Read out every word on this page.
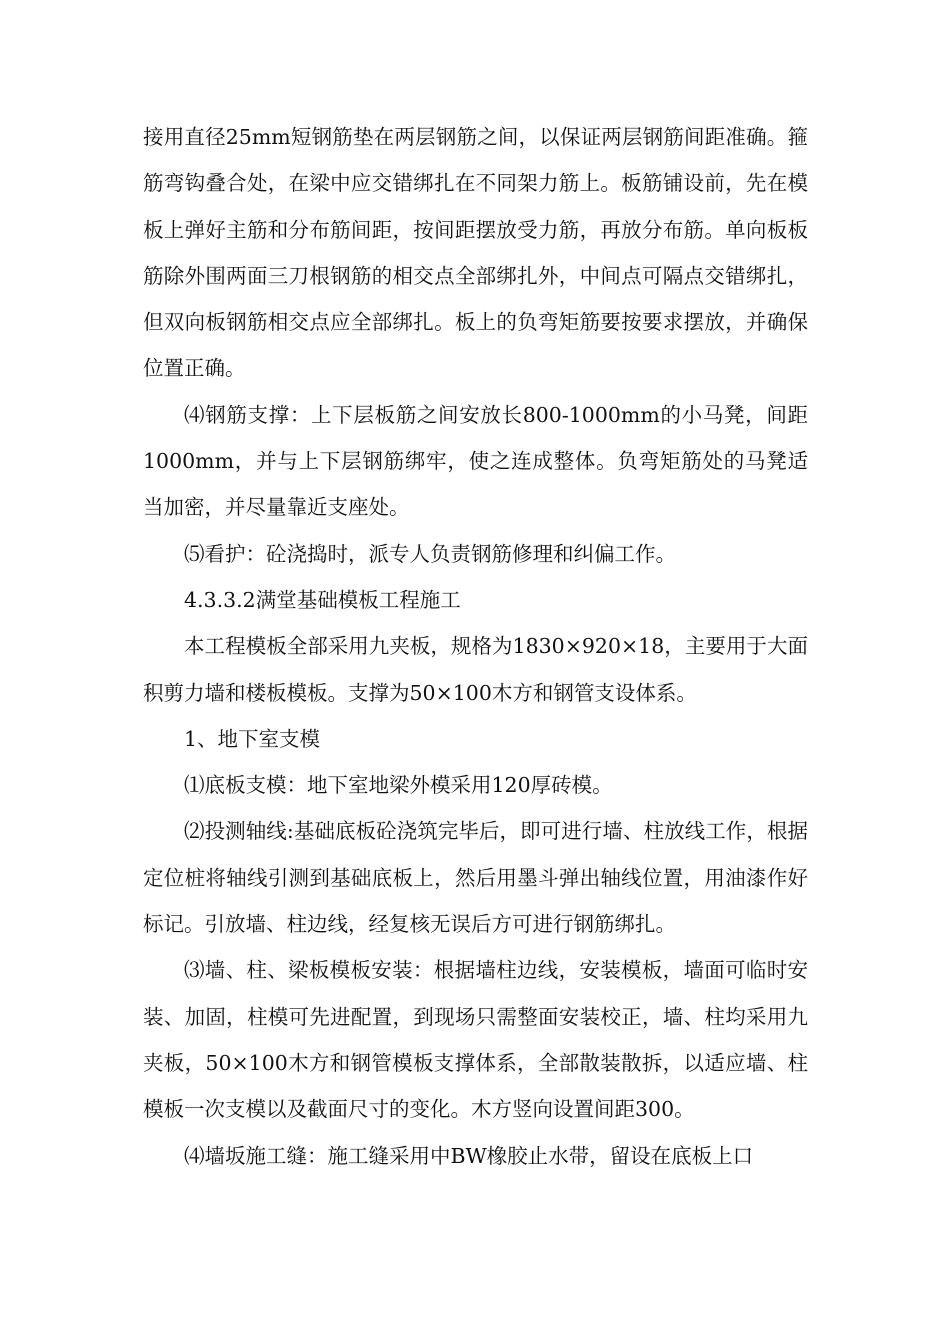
接用直径25mm短钢筋垫在两层钢筋之间，以保证两层钢筋间距准确。箍筋弯钩叠合处，在梁中应交错绑扎在不同架力筋上。板筋铺设前，先在模板上弹好主筋和分布筋间距，按间距摆放受力筋，再放分布筋。单向板板筋除外围两面三刀根钢筋的相交点全部绑扎外，中间点可隔点交错绑扎，但双向板钢筋相交点应全部绑扎。板上的负弯矩筋要按要求摆放，并确保位置正确。

⑷钢筋支撑：上下层板筋之间安放长800-1000mm的小马凳，间距 1000mm，并与上下层钢筋绑牢，使之连成整体。负弯矩筋处的马凳适当加密，并尽量靠近支座处。

⑸看护：砼浇捣时，派专人负责钢筋修理和纠偏工作。

4.3.3.2满堂基础模板工程施工

本工程模板全部采用九夹板，规格为1830×920×18，主要用于大面积剪力墙和楼板模板。支撑为50×100木方和钢管支设体系。

1、地下室支模

⑴底板支模：地下室地梁外模采用120厚砖模。

⑵投测轴线:基础底板砼浇筑完毕后，即可进行墙、柱放线工作，根据定位桩将轴线引测到基础底板上，然后用墨斗弹出轴线位置，用油漆作好标记。引放墙、柱边线，经复核无误后方可进行钢筋绑扎。

⑶墙、柱、梁板模板安装：根据墙柱边线，安装模板，墙面可临时安装、加固，柱模可先进配置，到现场只需整面安装校正，墙、柱均采用九夹板，50×100木方和钢管模板支撑体系，全部散装散拆，以适应墙、柱模板一次支模以及截面尺寸的变化。木方竖向设置间距300。

⑷墙坂施工缝：施工缝采用中BW橡胶止水带，留设在底板上口
